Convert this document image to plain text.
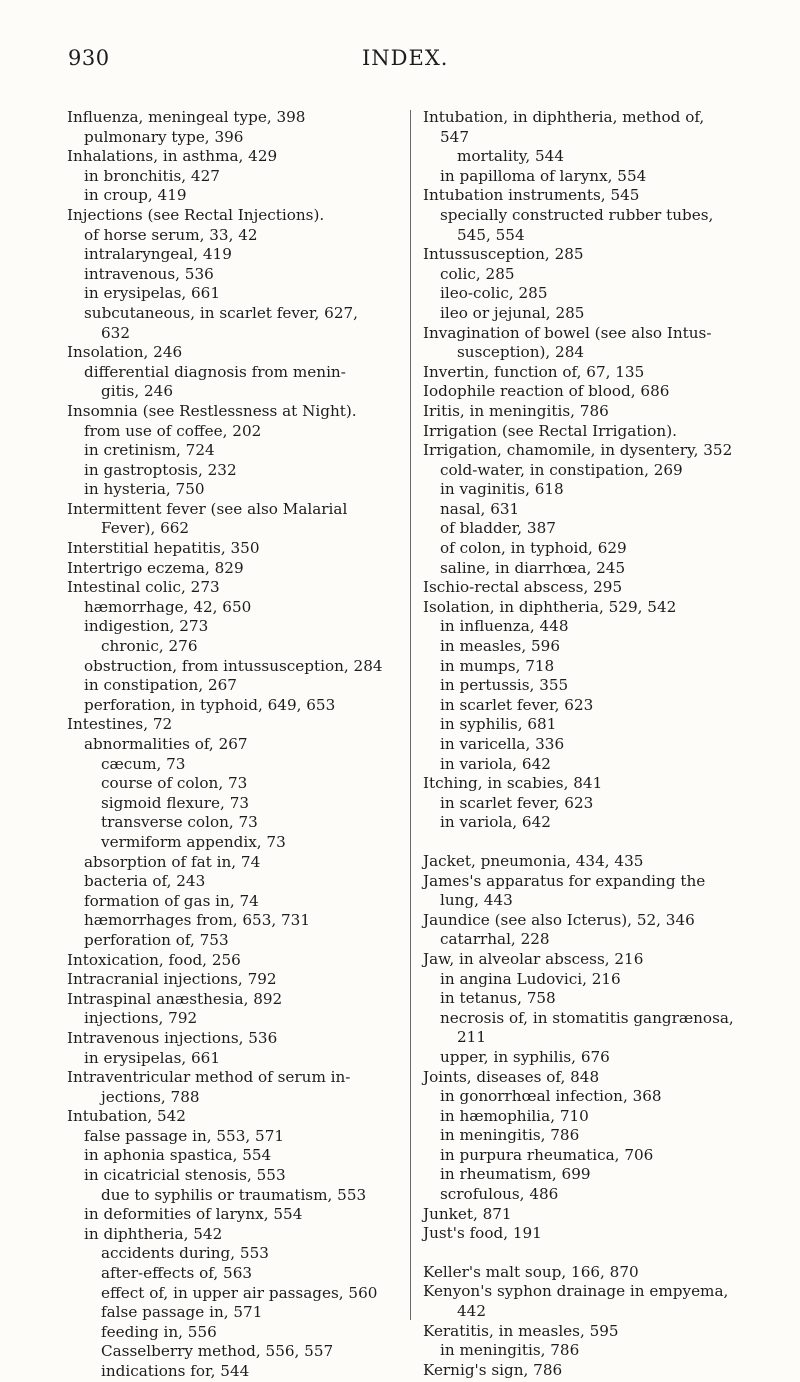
930	INDEX.
Influenza, meningeal type, 398
pulmonary type, 396
Inhalations, in asthma, 429
in bronchitis, 427
in croup, 419
Injections (see Rectal Injections).
of horse serum, 33, 42
intralaryngeal, 419
intravenous, 536
in erysipelas, 661
subcutaneous, in scarlet fever, 627,
632
Insolation, 246
differential diagnosis from menin-
gitis, 246
Insomnia (see Restlessness at Night).
from use of coffee, 202
in cretinism, 724
in gastroptosis, 232
in hysteria, 750
Intermittent fever (see also Malarial
Fever), 662
Interstitial hepatitis, 350
Intertrigo eczema, 829
Intestinal colic, 273
hæmorrhage, 42, 650
indigestion, 273
chronic, 276
obstruction, from intussusception, 284
in constipation, 267
perforation, in typhoid, 649, 653
Intestines, 72
abnormalities of, 267
cæcum, 73
course of colon, 73
sigmoid flexure, 73
transverse colon, 73
vermiform appendix, 73
absorption of fat in, 74
bacteria of, 243
formation of gas in, 74
hæmorrhages from, 653, 731
perforation of, 753
Intoxication, food, 256
Intracranial injections, 792
Intraspinal anæsthesia, 892
injections, 792
Intravenous injections, 536
in erysipelas, 661
Intraventricular method of serum in-
jections, 788
Intubation, 542
false passage in, 553, 571
in aphonia spastica, 554
in cicatricial stenosis, 553
due to syphilis or traumatism, 553
in deformities of larynx, 554
in diphtheria, 542
accidents during, 553
after-effects of, 563
effect of, in upper air passages, 560
false passage in, 571
feeding in, 556
Casselberry method, 556, 557
indications for, 544
Intubation, in diphtheria, method of,
547
mortality, 544
in papilloma of larynx, 554
Intubation instruments, 545
specially constructed rubber tubes,
545, 554
Intussusception, 285
colic, 285
ileo-colic, 285
ileo or jejunal, 285
Invagination of bowel (see also Intus-
susception), 284
Invertin, function of, 67, 135
Iodophile reaction of blood, 686
Iritis, in meningitis, 786
Irrigation (see Rectal Irrigation).
Irrigation, chamomile, in dysentery, 352
cold-water, in constipation, 269
in vaginitis, 618
nasal, 631
of bladder, 387
of colon, in typhoid, 629
saline, in diarrhœa, 245
Ischio-rectal abscess, 295
Isolation, in diphtheria, 529, 542
in influenza, 448
in measles, 596
in mumps, 718
in pertussis, 355
in scarlet fever, 623
in syphilis, 681
in varicella, 336
in variola, 642
Itching, in scabies, 841
in scarlet fever, 623
in variola, 642
Jacket, pneumonia, 434, 435
James's apparatus for expanding the
lung, 443
Jaundice (see also Icterus), 52, 346
catarrhal, 228
Jaw, in alveolar abscess, 216
in angina Ludovici, 216
in tetanus, 758
necrosis of, in stomatitis gangrænosa,
211
upper, in syphilis, 676
Joints, diseases of, 848
in gonorrhœal infection, 368
in hæmophilia, 710
in meningitis, 786
in purpura rheumatica, 706
in rheumatism, 699
scrofulous, 486
Junket, 871
Just's food, 191
Keller's malt soup, 166, 870
Kenyon's syphon drainage in empyema,
442
Keratitis, in measles, 595
in meningitis, 786
Kernig's sign, 786
